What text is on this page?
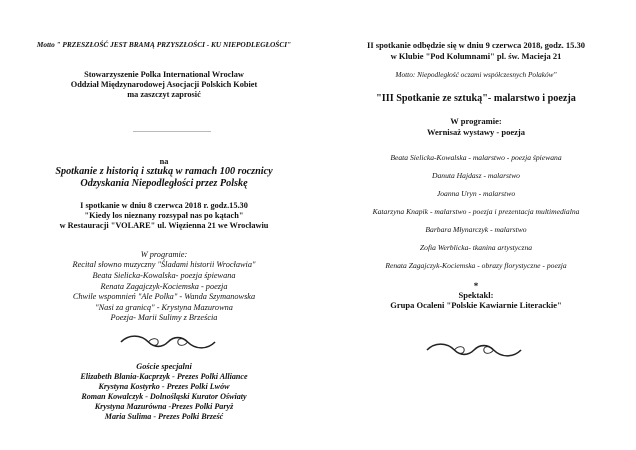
Motto " PRZESZŁOŚĆ JEST BRAMĄ PRZYSZŁOŚCI - KU NIEPODLEGŁOŚCI"
Stowarzyszenie Polka International Wroclaw
Oddział Międzynarodowej Asocjacji Polskich Kobiet
ma zaszczyt zaprosić
na
Spotkanie z historią i sztuką w ramach 100 rocznicy
Odzyskania Niepodległości przez Polskę
I spotkanie w dniu 8 czerwca 2018 r. godz.15.30
"Kiedy los nieznany rozsypał nas po kątach"
w Restauracji "VOLARE" ul. Więzienna 21 we Wrocławiu
W programie:
Recital słowno muzyczny "Śladami historii Wrocławia"
Beata Sielicka-Kowalska- poezja śpiewana
Renata Zagajczyk-Kociemska - poezja
Chwile wspomnień "Ale Polka" - Wanda Szymanowska
"Nasi za granicą" - Krystyna Mazurowna
Poezja- Marii Sulimy z Brześcia
Goście specjalni
Elizabeth Blania-Kacprzyk - Prezes Polki Alliance
Krystyna Kostyrko - Prezes Polki Lwów
Roman Kowalczyk - Dolnośląski Kurator Oświaty
Krystyna Mazurówna -Prezes Polki Paryż
Maria Sulima - Prezes Polki Brześć
II spotkanie odbędzie się w dniu 9 czerwca 2018, godz. 15.30
w Klubie "Pod Kolumnami" pl. św. Macieja 21
Motto: Niepodległość oczami współczesnych Polaków"
"III Spotkanie ze sztuką"- malarstwo i poezja
W programie:
Wernisaż wystawy - poezja
Beata Sielicka-Kowalska - malarstwo - poezja śpiewana
Danuta Hajdasz - malarstwo
Joanna Uryn - malarstwo
Katarzyna Knapik - malarstwo - poezja i prezentacja multimedialna
Barbara Młynarczyk - malarstwo
Zofia Werblicka- tkanina artystyczna
Renata Zagajczyk-Kociemska - obrazy florystyczne - poezja
*
Spektakl:
Grupa Ocaleni "Polskie Kawiarnie Literackie"
